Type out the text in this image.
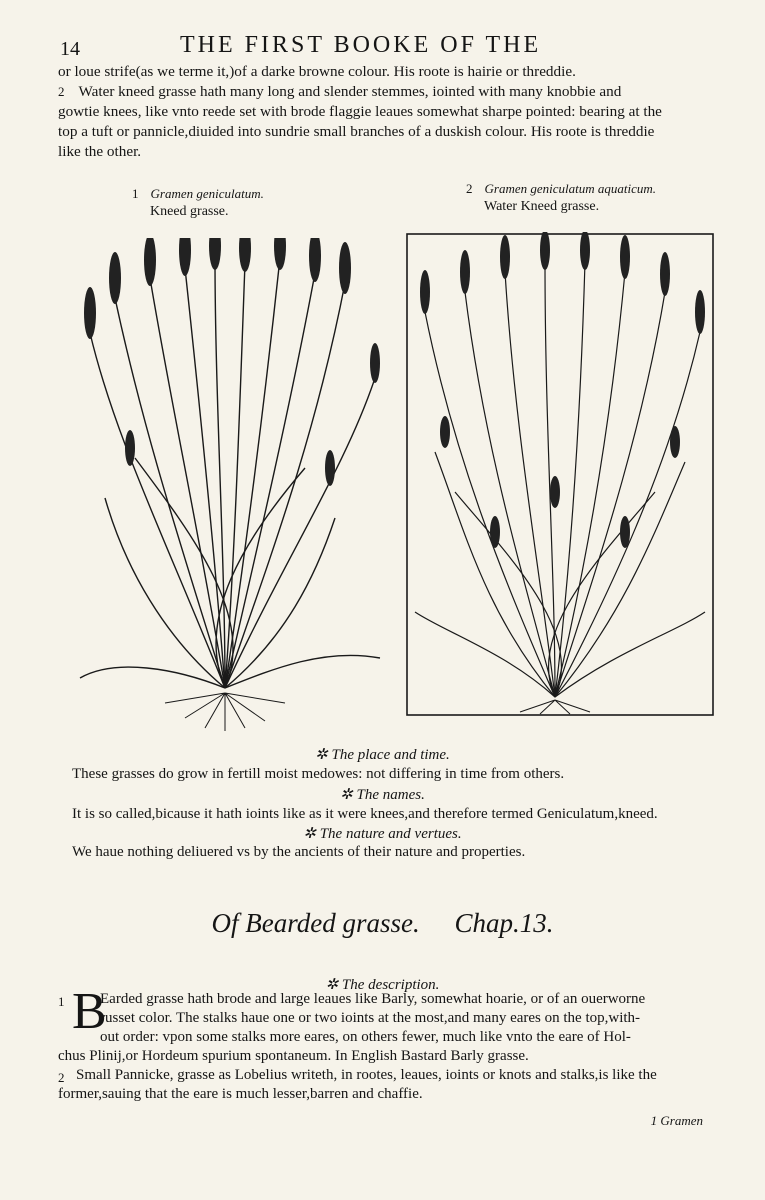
14	THE FIRST BOOKE OF THE

or loue strife(as we terme it,)of a darke browne colour. His roote is hairie or threddie.

2 Water kneed grasse hath many long and slender stemmes, iointed with many knobbie and

gowtie knees, like vnto reede set with brode flaggie leaues somewhat sharpe pointed: bearing at the

top a tuft or pannicle,diuided into sundrie small branches of a duskish colour. His roote is threddie

like the other.

1 Gramen geniculatum.
Kneed grasse.
2 Gramen geniculatum aquaticum.
Water Kneed grasse.
✲ The place and time.
These grasses do grow in fertill moist medowes: not differing in time from others.
✲ The names.
It is so called,bicause it hath ioints like as it were knees,and therefore termed Geniculatum,kneed.
✲ The nature and vertues.
We haue nothing deliuered vs by the ancients of their nature and properties.
Of Bearded grasse. Chap.13.
✲ The description.
1 B
Earded grasse hath brode and large leaues like Barly, somewhat hoarie, or of an ouerworne
russet color. The stalks haue one or two ioints at the most,and many eares on the top,with-
out order: vpon some stalks more eares, on others fewer, much like vnto the eare of Hol-
chus Plinij,or Hordeum spurium spontaneum. In English Bastard Barly grasse.
2 Small Pannicke, grasse as Lobelius writeth, in rootes, leaues, ioints or knots and stalks,is like the
former,sauing that the eare is much lesser,barren and chaffie.
1 Gramen
